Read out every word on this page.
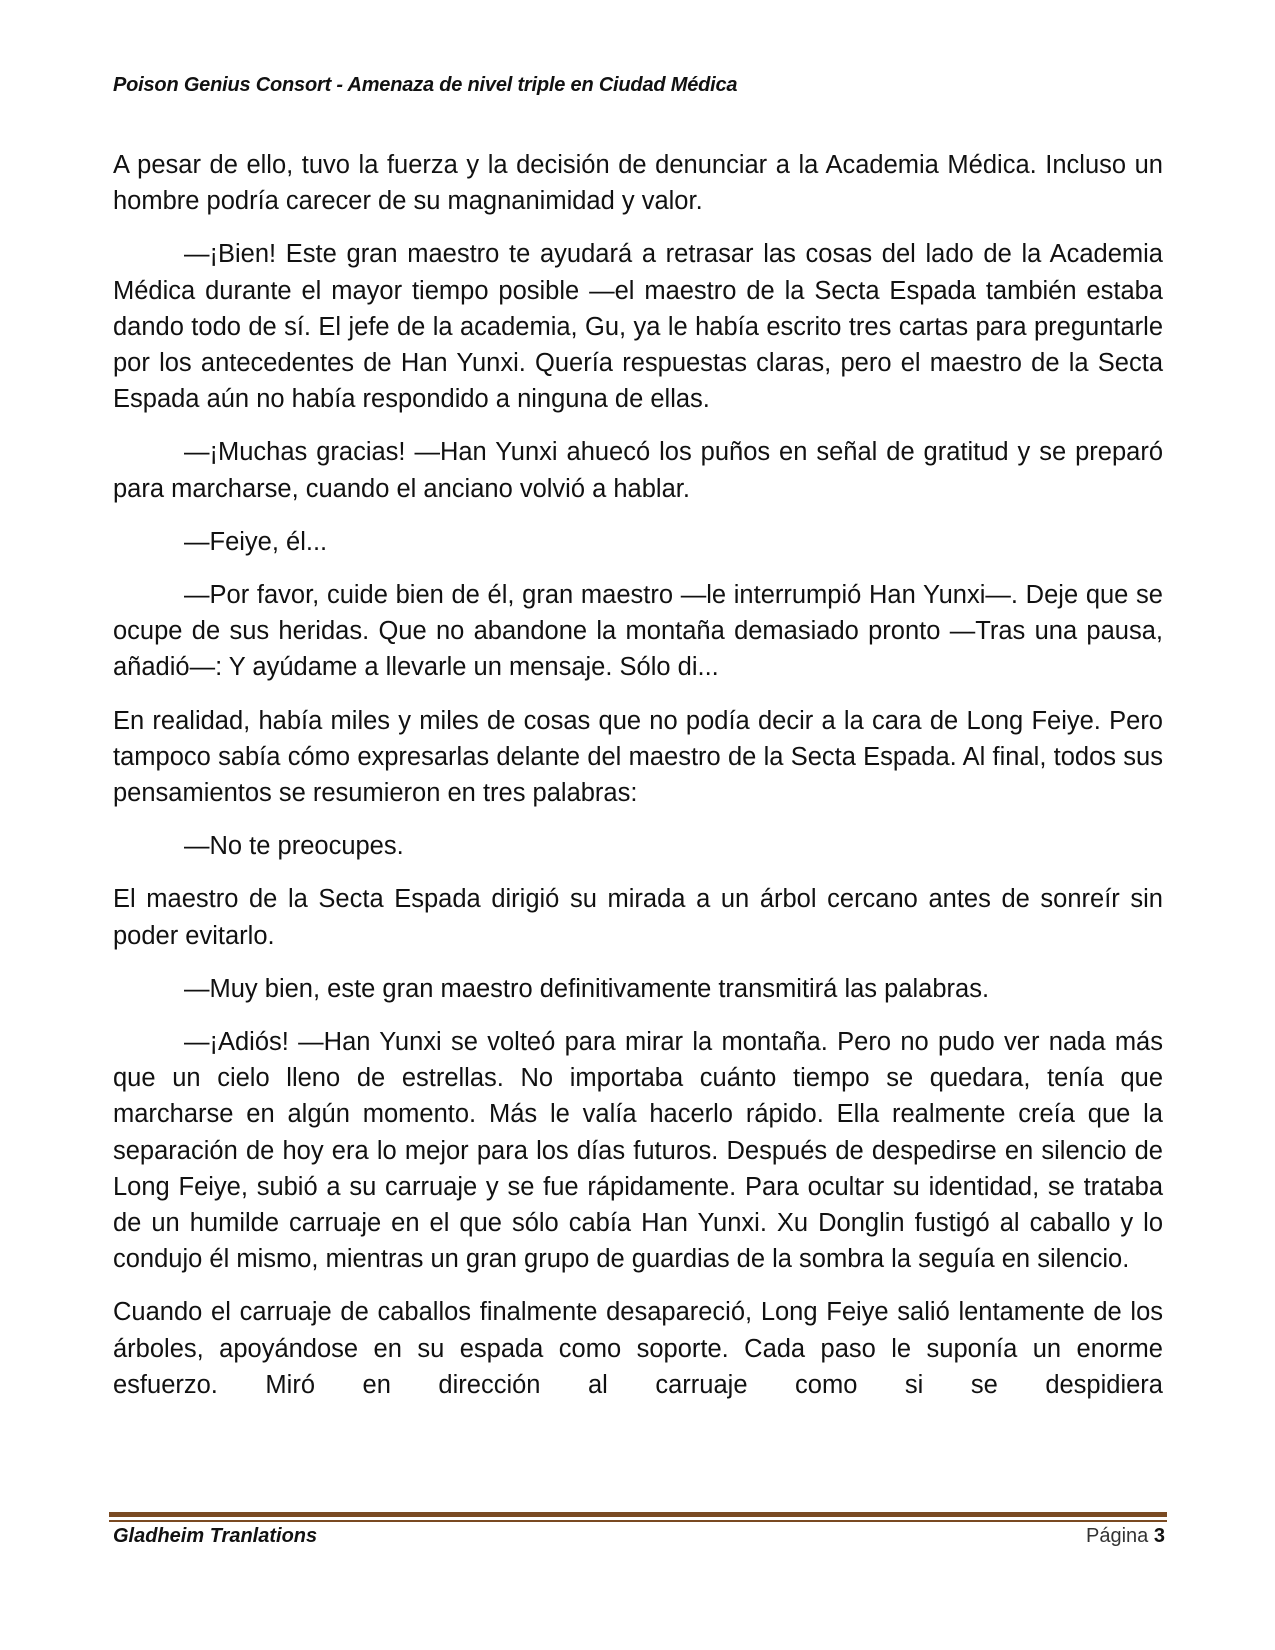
Poison Genius Consort - Amenaza de nivel triple en Ciudad Médica

A pesar de ello, tuvo la fuerza y la decisión de denunciar a la Academia Médica. Incluso un hombre podría carecer de su magnanimidad y valor.

—¡Bien! Este gran maestro te ayudará a retrasar las cosas del lado de la Academia Médica durante el mayor tiempo posible —el maestro de la Secta Espada también estaba dando todo de sí. El jefe de la academia, Gu, ya le había escrito tres cartas para preguntarle por los antecedentes de Han Yunxi. Quería respuestas claras, pero el maestro de la Secta Espada aún no había respondido a ninguna de ellas.

—¡Muchas gracias! —Han Yunxi ahuecó los puños en señal de gratitud y se preparó para marcharse, cuando el anciano volvió a hablar.

—Feiye, él...

—Por favor, cuide bien de él, gran maestro —le interrumpió Han Yunxi—. Deje que se ocupe de sus heridas. Que no abandone la montaña demasiado pronto —Tras una pausa, añadió—: Y ayúdame a llevarle un mensaje. Sólo di...

En realidad, había miles y miles de cosas que no podía decir a la cara de Long Feiye. Pero tampoco sabía cómo expresarlas delante del maestro de la Secta Espada. Al final, todos sus pensamientos se resumieron en tres palabras:

—No te preocupes.

El maestro de la Secta Espada dirigió su mirada a un árbol cercano antes de sonreír sin poder evitarlo.

—Muy bien, este gran maestro definitivamente transmitirá las palabras.

—¡Adiós! —Han Yunxi se volteó para mirar la montaña. Pero no pudo ver nada más que un cielo lleno de estrellas. No importaba cuánto tiempo se quedara, tenía que marcharse en algún momento. Más le valía hacerlo rápido. Ella realmente creía que la separación de hoy era lo mejor para los días futuros. Después de despedirse en silencio de Long Feiye, subió a su carruaje y se fue rápidamente. Para ocultar su identidad, se trataba de un humilde carruaje en el que sólo cabía Han Yunxi. Xu Donglin fustigó al caballo y lo condujo él mismo, mientras un gran grupo de guardias de la sombra la seguía en silencio.

Cuando el carruaje de caballos finalmente desapareció, Long Feiye salió lentamente de los árboles, apoyándose en su espada como soporte. Cada paso le suponía un enorme esfuerzo. Miró en dirección al carruaje como si se despidiera

Gladheim Tranlations	Página 3
